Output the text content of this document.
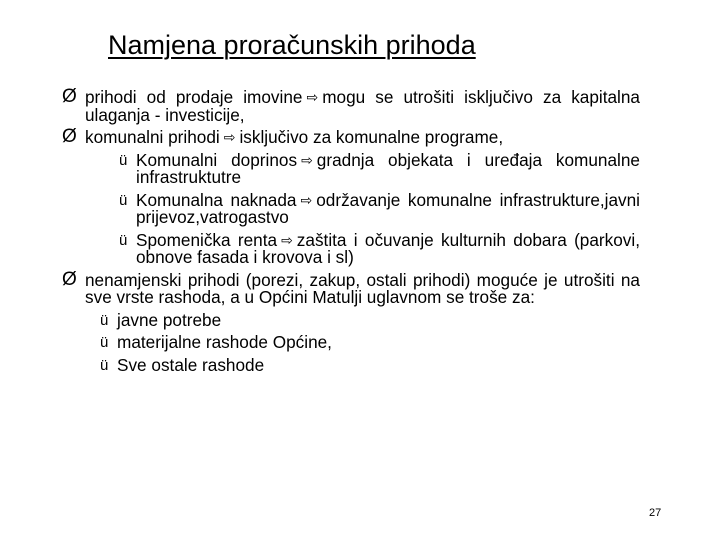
Namjena proračunskih prihoda
Ø prihodi od prodaje imovine ⇨ mogu se utrošiti isključivo za kapitalna ulaganja - investicije,
Ø komunalni prihodi ⇨ isključivo za komunalne programe,
ü Komunalni doprinos ⇨ gradnja objekata i uređaja komunalne infrastruktutre
ü Komunalna naknada ⇨ održavanje komunalne infrastrukture,javni prijevoz,vatrogastvo
ü Spomenička renta ⇨ zaštita i očuvanje kulturnih dobara (parkovi, obnove fasada i krovova i sl)
Ø nenamjenski prihodi (porezi, zakup, ostali prihodi) moguće je utrošiti na sve vrste rashoda, a u Općini Matulji uglavnom se troše za:
ü javne potrebe
ü materijalne rashode Općine,
ü Sve ostale rashode
27
